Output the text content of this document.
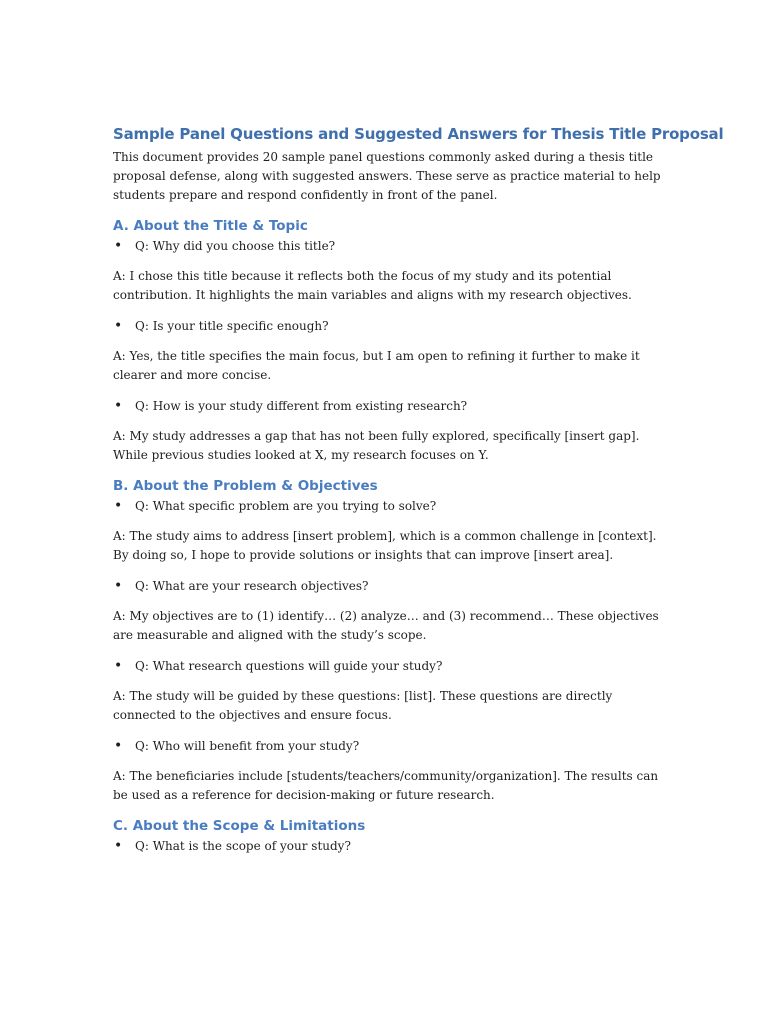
Sample Panel Questions and Suggested Answers for Thesis Title Proposal

This document provides 20 sample panel questions commonly asked during a thesis title proposal defense, along with suggested answers. These serve as practice material to help students prepare and respond confidently in front of the panel.

A. About the Title & Topic
• Q: Why did you choose this title?

A: I chose this title because it reflects both the focus of my study and its potential contribution. It highlights the main variables and aligns with my research objectives.

• Q: Is your title specific enough?

A: Yes, the title specifies the main focus, but I am open to refining it further to make it clearer and more concise.

• Q: How is your study different from existing research?

A: My study addresses a gap that has not been fully explored, specifically [insert gap]. While previous studies looked at X, my research focuses on Y.

B. About the Problem & Objectives
• Q: What specific problem are you trying to solve?

A: The study aims to address [insert problem], which is a common challenge in [context]. By doing so, I hope to provide solutions or insights that can improve [insert area].

• Q: What are your research objectives?

A: My objectives are to (1) identify… (2) analyze… and (3) recommend… These objectives are measurable and aligned with the study’s scope.

• Q: What research questions will guide your study?

A: The study will be guided by these questions: [list]. These questions are directly connected to the objectives and ensure focus.

• Q: Who will benefit from your study?

A: The beneficiaries include [students/teachers/community/organization]. The results can be used as a reference for decision-making or future research.

C. About the Scope & Limitations
• Q: What is the scope of your study?
